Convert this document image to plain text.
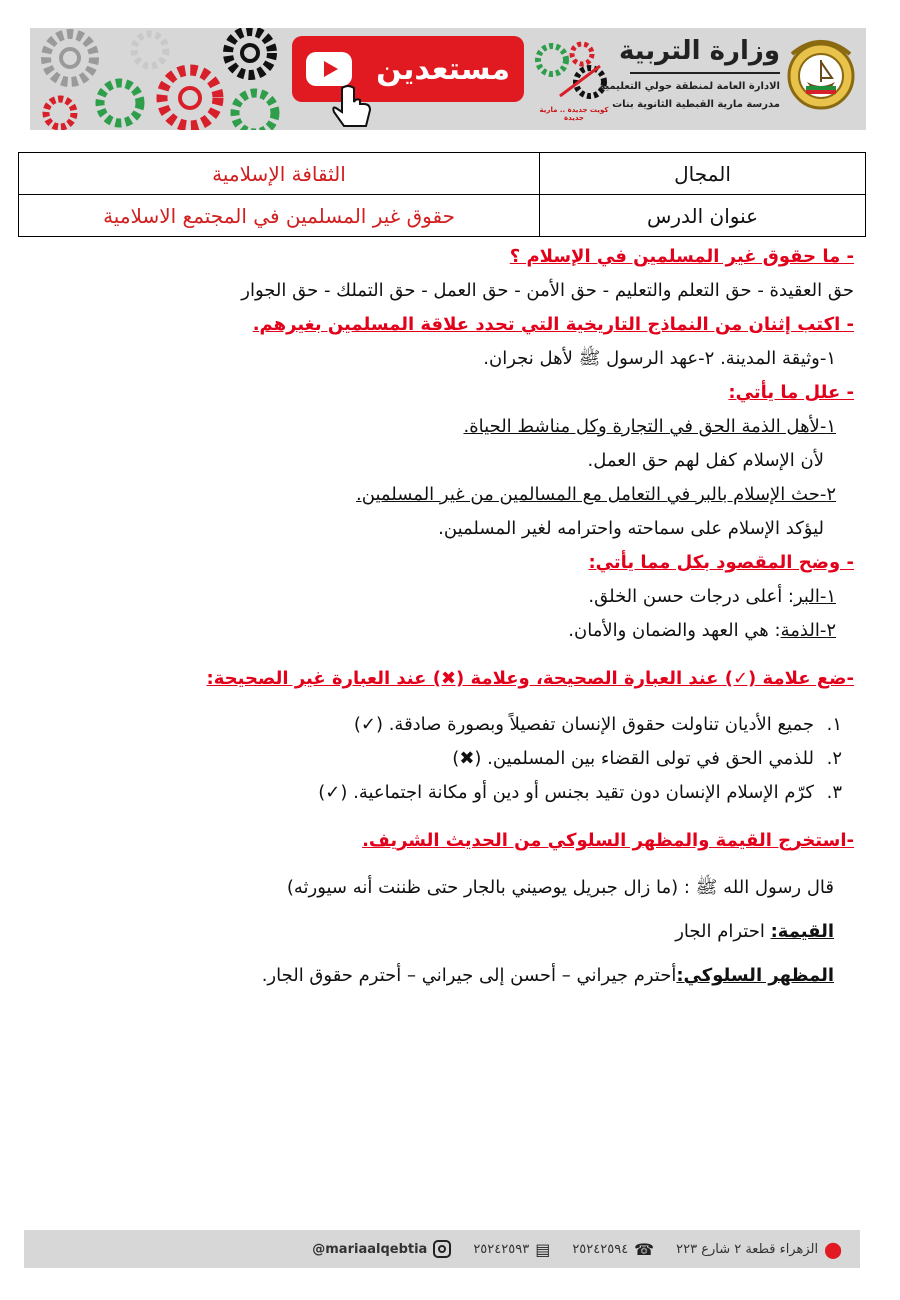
مستعدين
كويت جديدة .. مارية جديدة
وزارة التربية
الادارة العامة لمنطقة حولي التعليمية
مدرسة مارية القبطية الثانوية بنات
المجال	الثقافة الإسلامية
عنوان الدرس	حقوق غير المسلمين في المجتمع الاسلامية
- ما حقوق غير المسلمين في الإسلام ؟
حق العقيدة - حق التعلم والتعليم - حق الأمن - حق العمل - حق التملك - حق الجوار
- اكتب إثنان من النماذج التاريخية التي تحدد علاقة المسلمين بغيرهم.
١-وثيقة المدينة. ٢-عهد الرسول ﷺ لأهل نجران.
- علل ما يأتي:
١-لأهل الذمة الحق في التجارة وكل مناشط الحياة.
لأن الإسلام كفل لهم حق العمل.
٢-حث الإسلام بالبر في التعامل مع المسالمين من غير المسلمين.
ليؤكد الإسلام على سماحته واحترامه لغير المسلمين.
- وضح المقصود بكل مما يأتي:
١-البر: أعلى درجات حسن الخلق.
٢-الذمة: هي العهد والضمان والأمان.
-ضع علامة (✓) عند العبارة الصحيحة، وعلامة (✖) عند العبارة غير الصحيحة:
١.جميع الأديان تناولت حقوق الإنسان تفصيلاً وبصورة صادقة. (✓)
٢.للذمي الحق في تولى القضاء بين المسلمين. (✖)
٣.كرّم الإسلام الإنسان دون تقيد بجنس أو دين أو مكانة اجتماعية. (✓)
-استخرج القيمة والمظهر السلوكي من الحديث الشريف.
قال رسول الله ﷺ : (ما زال جبريل يوصيني بالجار حتى ظننت أنه سيورثه)
القيمة: احترام الجار
المظهر السلوكي:أحترم جيراني – أحسن إلى جيراني – أحترم حقوق الجار.
⬤
الزهراء قطعة ٢ شارع ٢٢٣
☎
٢٥٢٤٢٥٩٤
▤
٢٥٢٤٢٥٩٣
@mariaalqebtia
